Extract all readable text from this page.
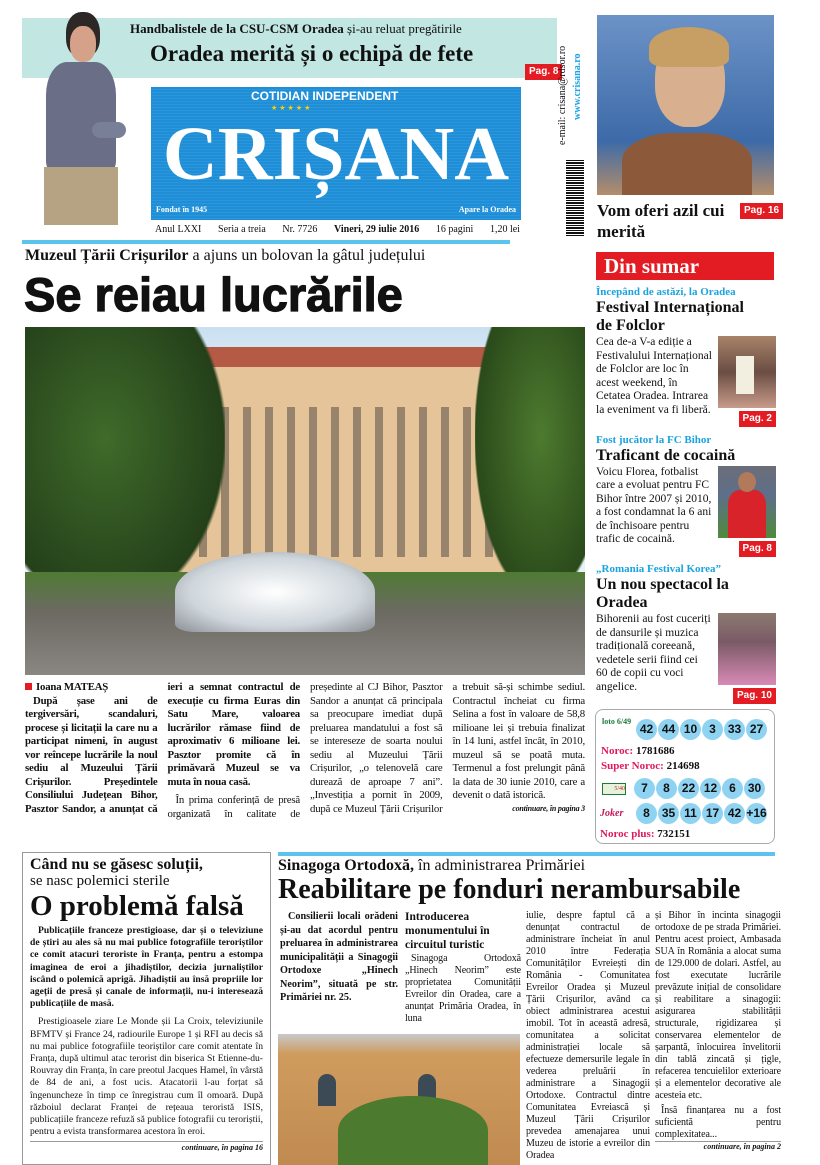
Handbalistele de la CSU-CSM Oradea și-au reluat pregătirile
Oradea merită și o echipă de fete
Pag. 8
COTIDIAN INDEPENDENT
★★★★★
CRIȘANA
Fondat în 1945	Apare la Oradea
Anul LXXI Seria a treia Nr. 7726 Vineri, 29 iulie 2016 16 pagini 1,20 lei
e-mail: crisana@rdsor.ro www.crisana.ro
Vom oferi azil cui merită
Pag. 16
Muzeul Țării Crișurilor a ajuns un bolovan la gâtul județului
Se reiau lucrările

Ioana MATEAȘ

După șase ani de tergiversări, scandaluri, procese și licitații la care nu a participat nimeni, în august vor reîncepe lucrările la noul sediu al Muzeului Țării Crișurilor. Președintele Consiliului Județean Bihor, Pasztor Sandor, a anunțat că ieri a semnat contractul de execuție cu firma Euras din Satu Mare, valoarea lucrărilor rămase fiind de aproximativ 6 milioane lei. Pasztor promite că în primăvară Muzeul se va muta în noua casă.

În prima conferință de presă organizată în calitate de președinte al CJ Bihor, Pasztor Sandor a anunțat că principala sa preocupare imediat după preluarea mandatului a fost să se intereseze de soarta noului sediu al Muzeului Țării Crișurilor, „o telenovelă care durează de aproape 7 ani”. „Investiția a pornit în 2009, după ce Muzeul Țării Crișurilor a trebuit să-și schimbe sediul. Contractul încheiat cu firma Selina a fost în valoare de 58,8 milioane lei și trebuia finalizat în 14 luni, astfel încât, în 2010, muzeul să se poată muta. Termenul a fost prelungit până la data de 30 iunie 2010, care a devenit o dată istorică.

continuare, în pagina 3

Din sumar
Începând de astăzi, la Oradea
Festival Internațional de Folclor
Cea de-a V-a ediție a Festivalului Internațional de Folclor are loc în acest weekend, în Cetatea Oradea. Intrarea la eveniment va fi liberă.
Pag. 2
Fost jucător la FC Bihor
Traficant de cocaină
Voicu Florea, fotbalist care a evoluat pentru FC Bihor între 2007 și 2010, a fost condamnat la 6 ani de închisoare pentru trafic de cocaină.
Pag. 8
„Romania Festival Korea”
Un nou spectacol la Oradea
Bihorenii au fost cuceriți de dansurile și muzica tradițională coreeană, vedetele serii fiind cei 60 de copii cu voci angelice.
Pag. 10
loto 6/49
42 44 10 3 33 27
Noroc: 1781686
Super Noroc: 214698
5/40	7 8 22 12 6 30
Joker	8 35 11 17 42 +16
Noroc plus: 732151
Când nu se găsesc soluții,
se nasc polemici sterile
O problemă falsă

Publicațiile franceze prestigioase, dar și o televiziune de știri au ales să nu mai publice fotografiile teroriștilor ce comit atacuri teroriste în Franța, pentru a estompa imaginea de eroi a jihadiștilor, decizia jurnaliștilor iscând o polemică aprigă. Jihadiștii au însă propriile lor ageții de presă și canale de informații, nu-i interesează publicațiile de masă.

Prestigioasele ziare Le Monde șii La Croix, televiziunile BFMTV și France 24, radiourile Europe 1 și RFI au decis să nu mai publice fotografiile teoriștilor care comit atentate în Franța, după ultimul atac terorist din biserica St Etienne-du-Rouvray din Franța, în care preotul Jacques Hamel, în vârstă de 84 de ani, a fost ucis. Atacatorii l-au forțat să îngenuncheze în timp ce înregistrau cum îl omoară. După războiul declarat Franței de rețeaua teroristă ISIS, publicațiile franceze refuză să publice fotografii cu teroriștii, pentru a evista transformarea acestora în eroi.

continuare, în pagina 16
Sinagoga Ortodoxă, în administrarea Primăriei
Reabilitare pe fonduri nerambursabile
Consilierii locali orădeni și-au dat acordul pentru preluarea în administrarea municipalității a Sinagogii Ortodoxe „Hinech Neorim”, situată pe str. Primăriei nr. 25.
Introducerea monumentului în circuitul turistic
Sinagoga Ortodoxă „Hinech Neorim” este proprietatea Comunității Evreilor din Oradea, care a anunțat Primăria Oradea, în luna
iulie, despre faptul că a denunțat contractul de administrare încheiat în anul 2010 între Federația Comunităților Evreiești din România - Comunitatea Evreilor Oradea și Muzeul Țării Crișurilor, având ca obiect administrarea acestui imobil. Tot în această adresă, comunitatea a solicitat administrației locale să efectueze demersurile legale în vederea preluării în administrare a Sinagogii Ortodoxe. Contractul dintre Comunitatea Evreiască și Muzeul Țării Crișurilor prevedea amenajarea unui Muzeu de istorie a evreilor din Oradea

și Bihor în incinta sinagogii ortodoxe de pe strada Primăriei. Pentru acest proiect, Ambasada SUA în România a alocat suma de 129.000 de dolari. Astfel, au fost executate lucrările prevăzute inițial de consolidare și reabilitare a sinagogii: asigurarea stabilității structurale, rigidizarea și conservarea elementelor de șarpantă, înlocuirea învelitorii din tablă zincată și țigle, refacerea tencuielilor exterioare și a elementelor decorative ale acesteia etc.

Însă finanțarea nu a fost suficientă pentru complexitatea...

continuare, în pagina 2
